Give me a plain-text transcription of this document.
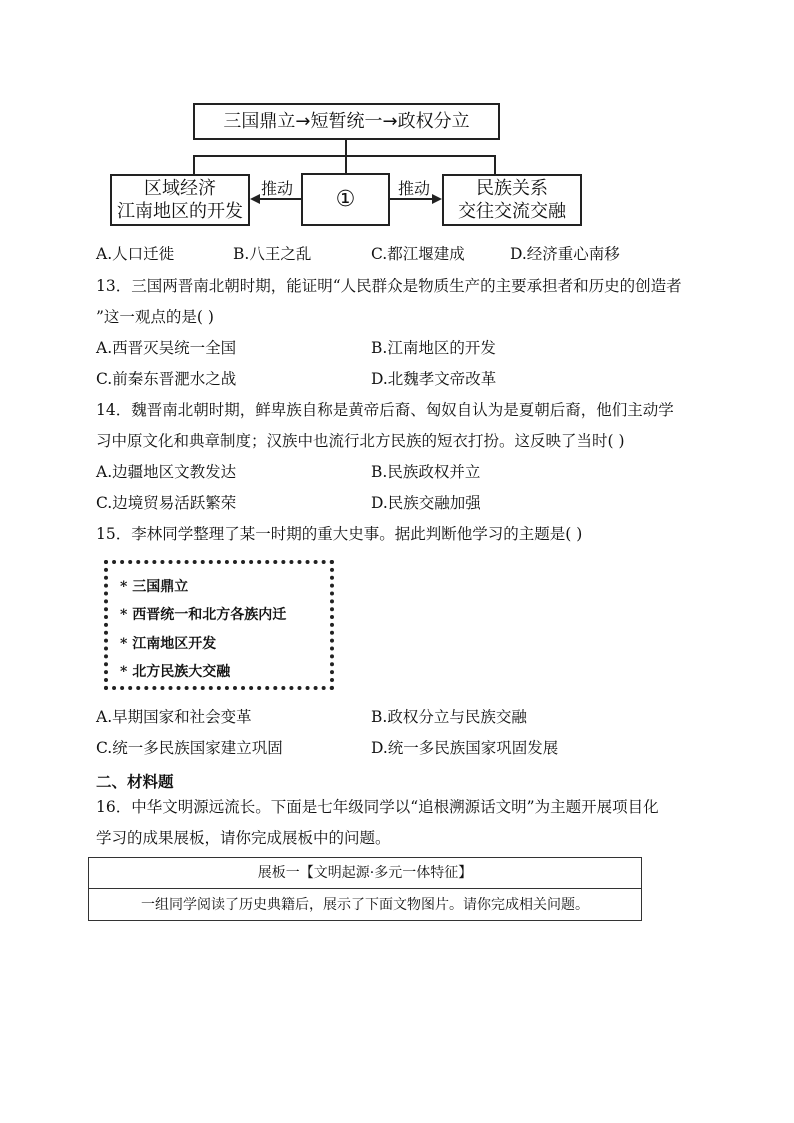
三国鼎立→短暂统一→政权分立
区域经济
江南地区的开发	①	民族关系
交往交流交融
推动	推动
A.人口迁徙	B.八王之乱	C.都江堰建成	D.经济重心南移
13．三国两晋南北朝时期，能证明“人民群众是物质生产的主要承担者和历史的创造者
”这一观点的是( )
A.西晋灭吴统一全国	B.江南地区的开发
C.前秦东晋淝水之战	D.北魏孝文帝改革
14．魏晋南北朝时期，鲜卑族自称是黄帝后裔、匈奴自认为是夏朝后裔，他们主动学
习中原文化和典章制度；汉族中也流行北方民族的短衣打扮。这反映了当时( )
A.边疆地区文教发达	B.民族政权并立
C.边境贸易活跃繁荣	D.民族交融加强
15．李林同学整理了某一时期的重大史事。据此判断他学习的主题是( )
* 三国鼎立
* 西晋统一和北方各族内迁
* 江南地区开发
* 北方民族大交融
A.早期国家和社会变革	B.政权分立与民族交融
C.统一多民族国家建立巩固	D.统一多民族国家巩固发展
二、材料题
16．中华文明源远流长。下面是七年级同学以“追根溯源话文明”为主题开展项目化
学习的成果展板，请你完成展板中的问题。
展板一【文明起源·多元一体特征】
一组同学阅读了历史典籍后，展示了下面文物图片。请你完成相关问题。
